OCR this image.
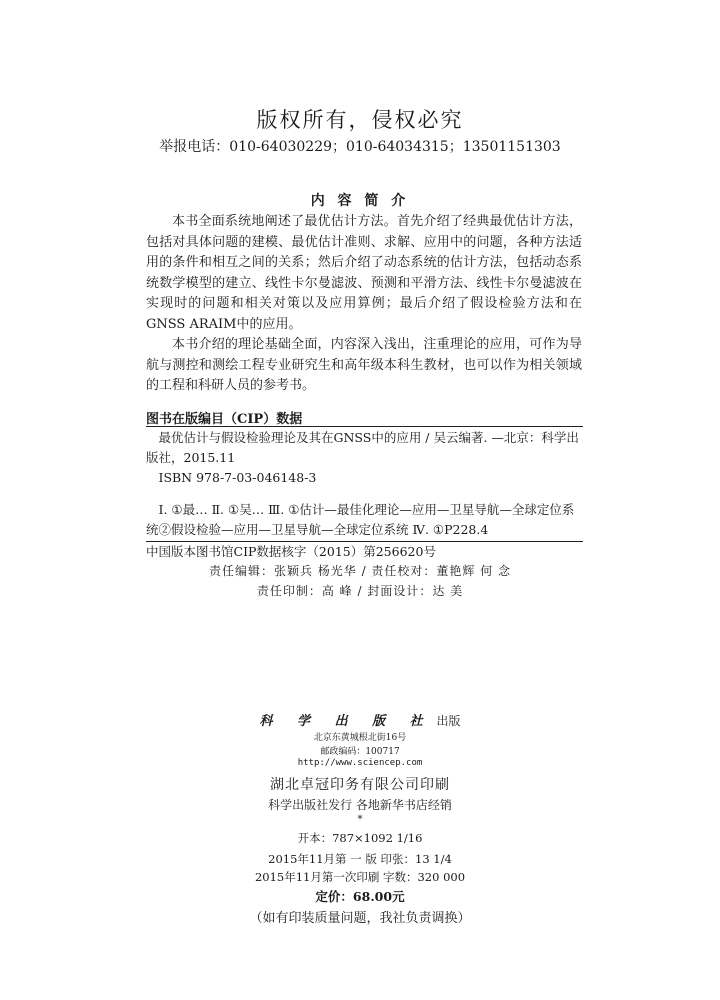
版权所有，侵权必究
举报电话：010-64030229；010-64034315；13501151303
内 容 简 介

本书全面系统地阐述了最优估计方法。首先介绍了经典最优估计方法，包括对具体问题的建模、最优估计准则、求解、应用中的问题，各种方法适用的条件和相互之间的关系；然后介绍了动态系统的估计方法，包括动态系统数学模型的建立、线性卡尔曼滤波、预测和平滑方法、线性卡尔曼滤波在实现时的问题和相关对策以及应用算例；最后介绍了假设检验方法和在GNSS ARAIM中的应用。

本书介绍的理论基础全面，内容深入浅出，注重理论的应用，可作为导航与测控和测绘工程专业研究生和高年级本科生教材，也可以作为相关领域的工程和科研人员的参考书。

图书在版编目（CIP）数据

最优估计与假设检验理论及其在GNSS中的应用 / 吴云编著. —北京：科学出版社，2015.11

ISBN 978-7-03-046148-3

Ⅰ. ①最… Ⅱ. ①吴… Ⅲ. ①估计—最佳化理论—应用—卫星导航—全球定位系统②假设检验—应用—卫星导航—全球定位系统 Ⅳ. ①P228.4

中国版本图书馆CIP数据核字（2015）第256620号
责任编辑：张颖兵 杨光华 / 责任校对：董艳辉 何 念
责任印制：高 峰 / 封面设计：达 美
科 学 出 版 社 出版
北京东黄城根北街16号
邮政编码：100717
http://www.sciencep.com
湖北卓冠印务有限公司印刷
科学出版社发行 各地新华书店经销
*
开本：787×1092 1/16
2015年11月第 一 版 印张：13 1/4
2015年11月第一次印刷 字数：320 000
定价：68.00元
（如有印装质量问题，我社负责调换）
